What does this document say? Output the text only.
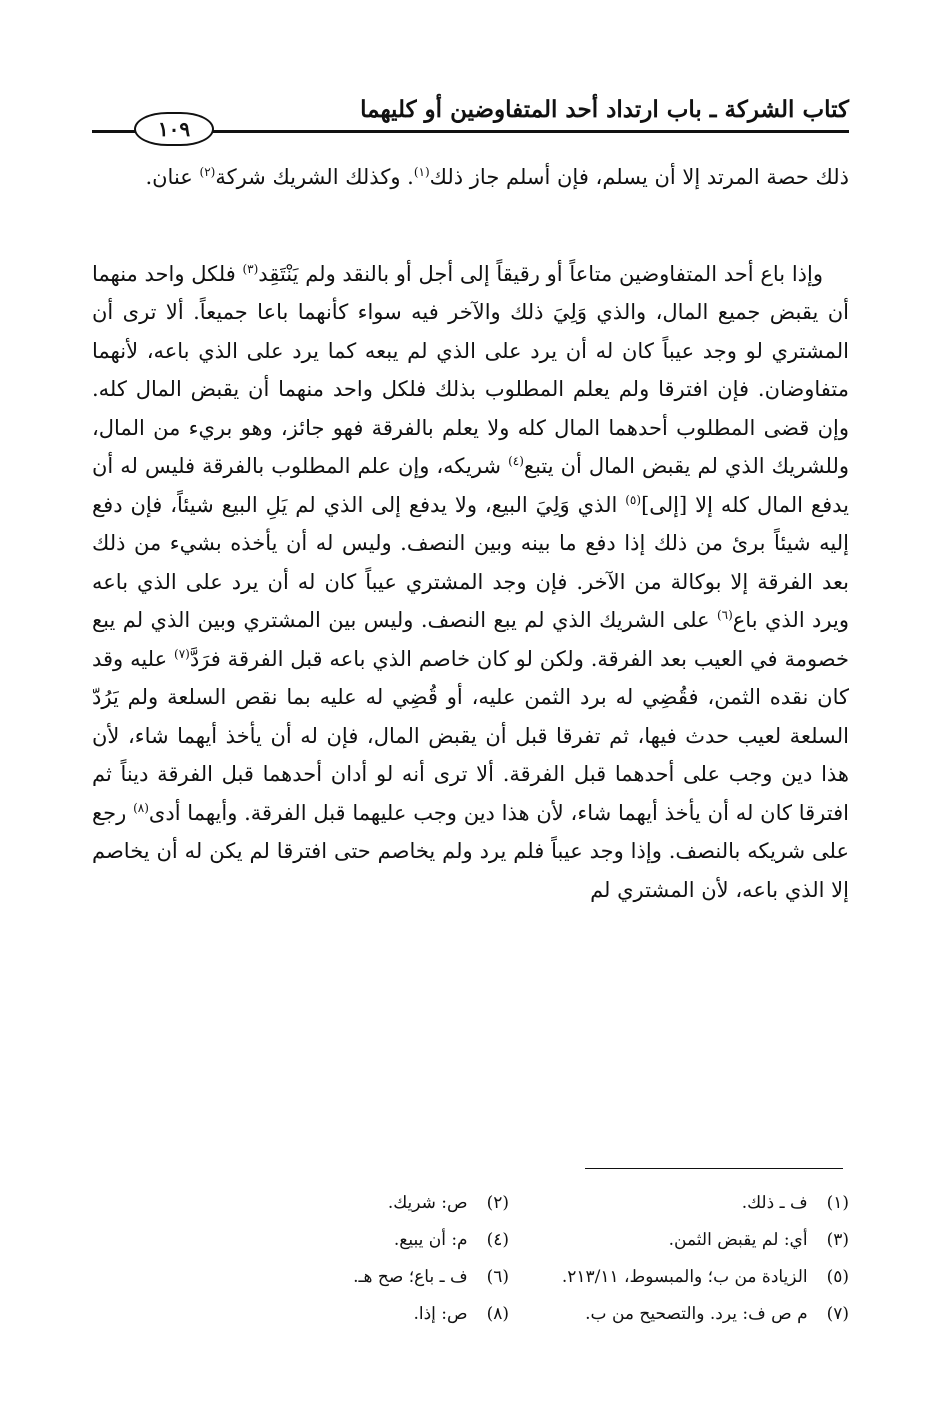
كتاب الشركة ـ باب ارتداد أحد المتفاوضين أو كليهما
١٠٩

ذلك حصة المرتد إلا أن يسلم، فإن أسلم جاز ذلك$^{(١)}$. وكذلك الشريك شركة$^{(٢)}$ عنان.

وإذا باع أحد المتفاوضين متاعاً أو رقيقاً إلى أجل أو بالنقد ولم يَنْتَقِد$^{(٣)}$ فلكل واحد منهما أن يقبض جميع المال، والذي وَلِيَ ذلك والآخر فيه سواء كأنهما باعا جميعاً. ألا ترى أن المشتري لو وجد عيباً كان له أن يرد على الذي لم يبعه كما يرد على الذي باعه، لأنهما متفاوضان. فإن افترقا ولم يعلم المطلوب بذلك فلكل واحد منهما أن يقبض المال كله. وإن قضى المطلوب أحدهما المال كله ولا يعلم بالفرقة فهو جائز، وهو بريء من المال، وللشريك الذي لم يقبض المال أن يتبع$^{(٤)}$ شريكه، وإن علم المطلوب بالفرقة فليس له أن يدفع المال كله إلا [إلى]$^{(٥)}$ الذي وَلِيَ البيع، ولا يدفع إلى الذي لم يَلِ البيع شيئاً، فإن دفع إليه شيئاً برئ من ذلك إذا دفع ما بينه وبين النصف. وليس له أن يأخذه بشيء من ذلك بعد الفرقة إلا بوكالة من الآخر. فإن وجد المشتري عيباً كان له أن يرد على الذي باعه ويرد الذي باع$^{(٦)}$ على الشريك الذي لم يبع النصف. وليس بين المشتري وبين الذي لم يبع خصومة في العيب بعد الفرقة. ولكن لو كان خاصم الذي باعه قبل الفرقة فرَدَّ$^{(٧)}$ عليه وقد كان نقده الثمن، فقُضِي له برد الثمن عليه، أو قُضِي له عليه بما نقص السلعة ولم يَرُدّ السلعة لعيب حدث فيها، ثم تفرقا قبل أن يقبض المال، فإن له أن يأخذ أيهما شاء، لأن هذا دين وجب على أحدهما قبل الفرقة. ألا ترى أنه لو أدان أحدهما قبل الفرقة ديناً ثم افترقا كان له أن يأخذ أيهما شاء، لأن هذا دين وجب عليهما قبل الفرقة. وأيهما أدى$^{(٨)}$ رجع على شريكه بالنصف. وإذا وجد عيباً فلم يرد ولم يخاصم حتى افترقا لم يكن له أن يخاصم إلا الذي باعه، لأن المشتري لم

(١) ف ـ ذلك.
(٢) ص: شريك.
(٣) أي: لم يقبض الثمن.
(٤) م: أن يبيع.
(٥) الزيادة من ب؛ والمبسوط، ٢١٣/١١.
(٦) ف ـ باع؛ صح هـ.
(٧) م ص ف: يرد. والتصحيح من ب.
(٨) ص: إذا.
